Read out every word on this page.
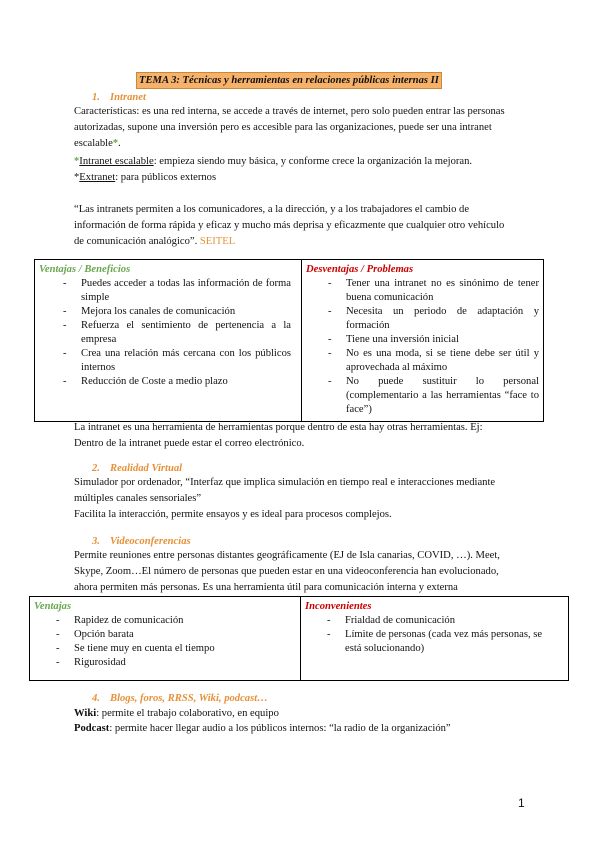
TEMA 3: Técnicas y herramientas en relaciones públicas internas II
1. Intranet
Características: es una red interna, se accede a través de internet, pero solo pueden entrar las personas
autorizadas, supone una inversión pero es accesible para las organizaciones, puede ser una intranet
escalable*.
*Intranet escalable: empieza siendo muy básica, y conforme crece la organización la mejoran.
*Extranet: para públicos externos
“Las intranets permiten a los comunicadores, a la dirección, y a los trabajadores el cambio de
información de forma rápida y eficaz y mucho más deprisa y eficazmente que cualquier otro vehículo
de comunicación analógico”. SEITEL
Ventajas / Beneficios
- Puedes acceder a todas las información de forma simple
- Mejora los canales de comunicación
- Refuerza el sentimiento de pertenencia a la empresa
- Crea una relación más cercana con los públicos internos
- Reducción de Coste a medio plazo

Desventajas / Problemas
- Tener una intranet no es sinónimo de tener buena comunicación
- Necesita un periodo de adaptación y formación
- Tiene una inversión inicial
- No es una moda, si se tiene debe ser útil y aprovechada al máximo
- No puede sustituir lo personal (complementario a las herramientas “face to face”)
La intranet es una herramienta de herramientas porque dentro de esta hay otras herramientas. Ej:
Dentro de la intranet puede estar el correo electrónico.
2. Realidad Virtual
Simulador por ordenador, “Interfaz que implica simulación en tiempo real e interacciones mediante
múltiples canales sensoriales”
Facilita la interacción, permite ensayos y es ideal para procesos complejos.
3. Videoconferencias
Permite reuniones entre personas distantes geográficamente (EJ de Isla canarias, COVID, …). Meet,
Skype, Zoom…El número de personas que pueden estar en una videoconferencia han evolucionado,
ahora permiten más personas. Es una herramienta útil para comunicación interna y externa
Ventajas
- Rapidez de comunicación
- Opción barata
- Se tiene muy en cuenta el tiempo
- Rigurosidad

Inconvenientes
- Frialdad de comunicación
- Límite de personas (cada vez más personas, se está solucionando)
4. Blogs, foros, RRSS, Wiki, podcast…
Wiki: permite el trabajo colaborativo, en equipo
Podcast: permite hacer llegar audio a los públicos internos: “la radio de la organización”
1
